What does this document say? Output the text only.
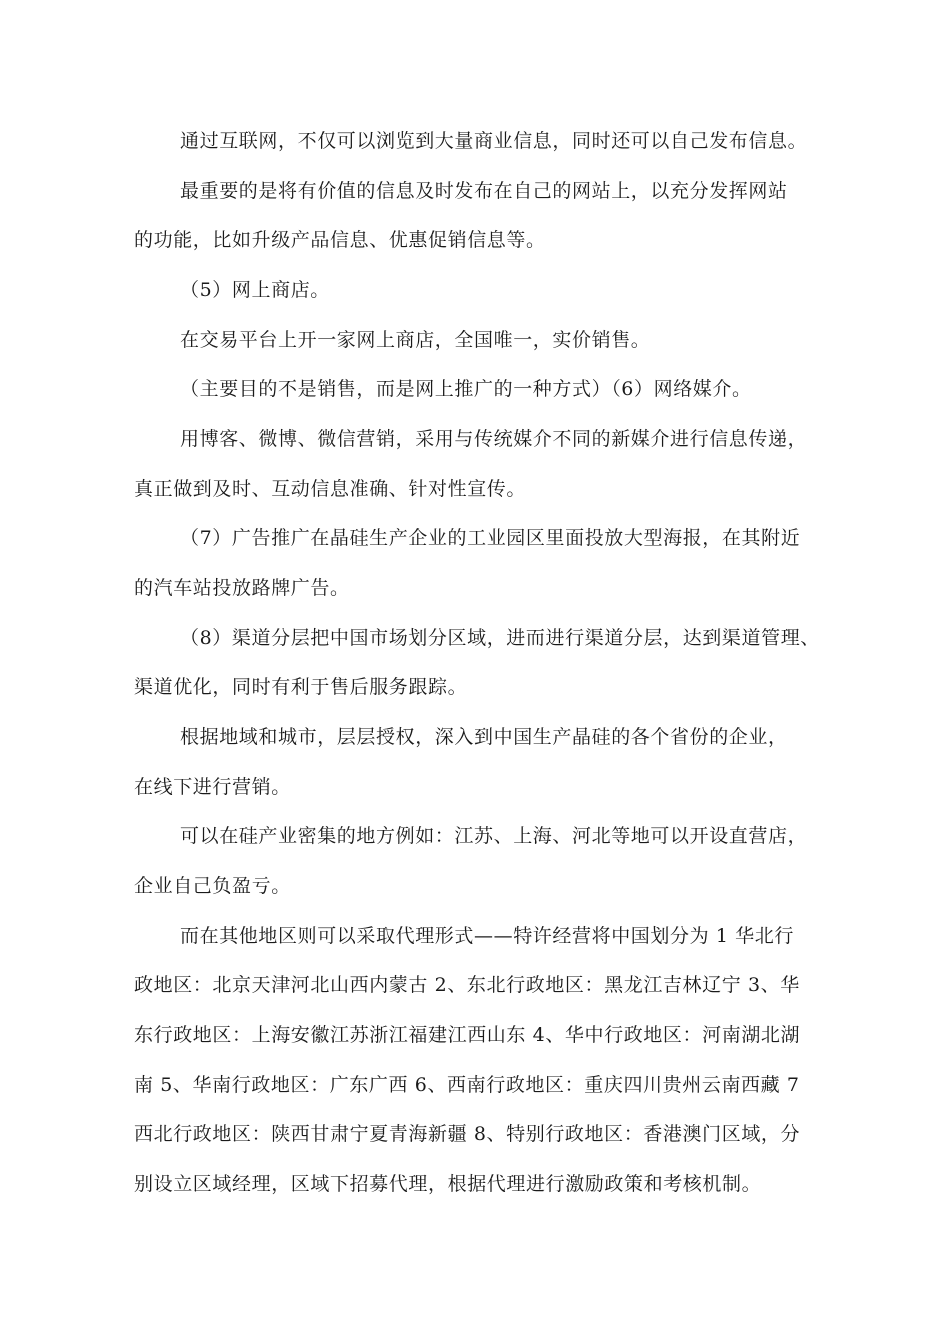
通过互联网，不仅可以浏览到大量商业信息，同时还可以自己发布信息。
最重要的是将有价值的信息及时发布在自己的网站上，以充分发挥网站
的功能，比如升级产品信息、优惠促销信息等。
（5）网上商店。
在交易平台上开一家网上商店，全国唯一，实价销售。
（主要目的不是销售，而是网上推广的一种方式）（6）网络媒介。
用博客、微博、微信营销，采用与传统媒介不同的新媒介进行信息传递，
真正做到及时、互动信息准确、针对性宣传。
（7）广告推广在晶硅生产企业的工业园区里面投放大型海报，在其附近
的汽车站投放路牌广告。
（8）渠道分层把中国市场划分区域，进而进行渠道分层，达到渠道管理、
渠道优化，同时有利于售后服务跟踪。
根据地域和城市，层层授权，深入到中国生产晶硅的各个省份的企业，
在线下进行营销。
可以在硅产业密集的地方例如：江苏、上海、河北等地可以开设直营店，
企业自己负盈亏。
而在其他地区则可以采取代理形式——特许经营将中国划分为 1 华北行
政地区：北京天津河北山西内蒙古 2、东北行政地区：黑龙江吉林辽宁 3、华
东行政地区：上海安徽江苏浙江福建江西山东 4、华中行政地区：河南湖北湖
南 5、华南行政地区：广东广西 6、西南行政地区：重庆四川贵州云南西藏 7
西北行政地区：陕西甘肃宁夏青海新疆 8、特别行政地区：香港澳门区域，分
别设立区域经理，区域下招募代理，根据代理进行激励政策和考核机制。
